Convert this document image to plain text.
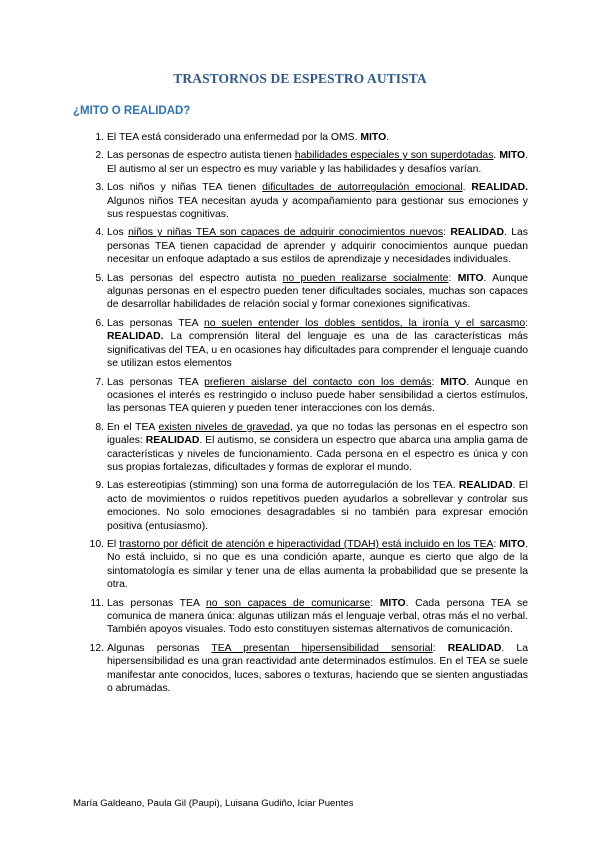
TRASTORNOS DE ESPESTRO AUTISTA
¿MITO O REALIDAD?
1. El TEA está considerado una enfermedad por la OMS. MITO.
2. Las personas de espectro autista tienen habilidades especiales y son superdotadas. MITO. El autismo al ser un espectro es muy variable y las habilidades y desafíos varían.
3. Los niños y niñas TEA tienen dificultades de autorregulación emocional. REALIDAD. Algunos niños TEA necesitan ayuda y acompañamiento para gestionar sus emociones y sus respuestas cognitivas.
4. Los niños y niñas TEA son capaces de adquirir conocimientos nuevos: REALIDAD. Las personas TEA tienen capacidad de aprender y adquirir conocimientos aunque puedan necesitar un enfoque adaptado a sus estilos de aprendizaje y necesidades individuales.
5. Las personas del espectro autista no pueden realizarse socialmente: MITO. Aunque algunas personas en el espectro pueden tener dificultades sociales, muchas son capaces de desarrollar habilidades de relación social y formar conexiones significativas.
6. Las personas TEA no suelen entender los dobles sentidos, la ironía y el sarcasmo: REALIDAD. La comprensión literal del lenguaje es una de las características más significativas del TEA, u en ocasiones hay dificultades para comprender el lenguaje cuando se utilizan estos elementos
7. Las personas TEA prefieren aislarse del contacto con los demás: MITO. Aunque en ocasiones el interés es restringido o incluso puede haber sensibilidad a ciertos estímulos, las personas TEA quieren y pueden tener interacciones con los demás.
8. En el TEA existen niveles de gravedad, ya que no todas las personas en el espectro son iguales: REALIDAD. El autismo, se considera un espectro que abarca una amplia gama de características y niveles de funcionamiento. Cada persona en el espectro es única y con sus propias fortalezas, dificultades y formas de explorar el mundo.
9. Las estereotipias (stimming) son una forma de autorregulación de los TEA. REALIDAD. El acto de movimientos o ruidos repetitivos pueden ayudarlos a sobrellevar y controlar sus emociones. No solo emociones desagradables si no también para expresar emoción positiva (entusiasmo).
10. El trastorno por déficit de atención e hiperactividad (TDAH) está incluido en los TEA: MITO. No está incluido, si no que es una condición aparte, aunque es cierto que algo de la sintomatología es similar y tener una de ellas aumenta la probabilidad que se presente la otra.
11. Las personas TEA no son capaces de comunicarse: MITO. Cada persona TEA se comunica de manera única: algunas utilizan más el lenguaje verbal, otras más el no verbal. También apoyos visuales. Todo esto constituyen sistemas alternativos de comunicación.
12. Algunas personas TEA presentan hipersensibilidad sensorial: REALIDAD. La hipersensibilidad es una gran reactividad ante determinados estímulos. En el TEA se suele manifestar ante conocidos, luces, sabores o texturas, haciendo que se sienten angustiadas o abrumadas.
María Galdeano, Paula Gil (Paupi), Luisana Gudiño, Iciar Puentes
